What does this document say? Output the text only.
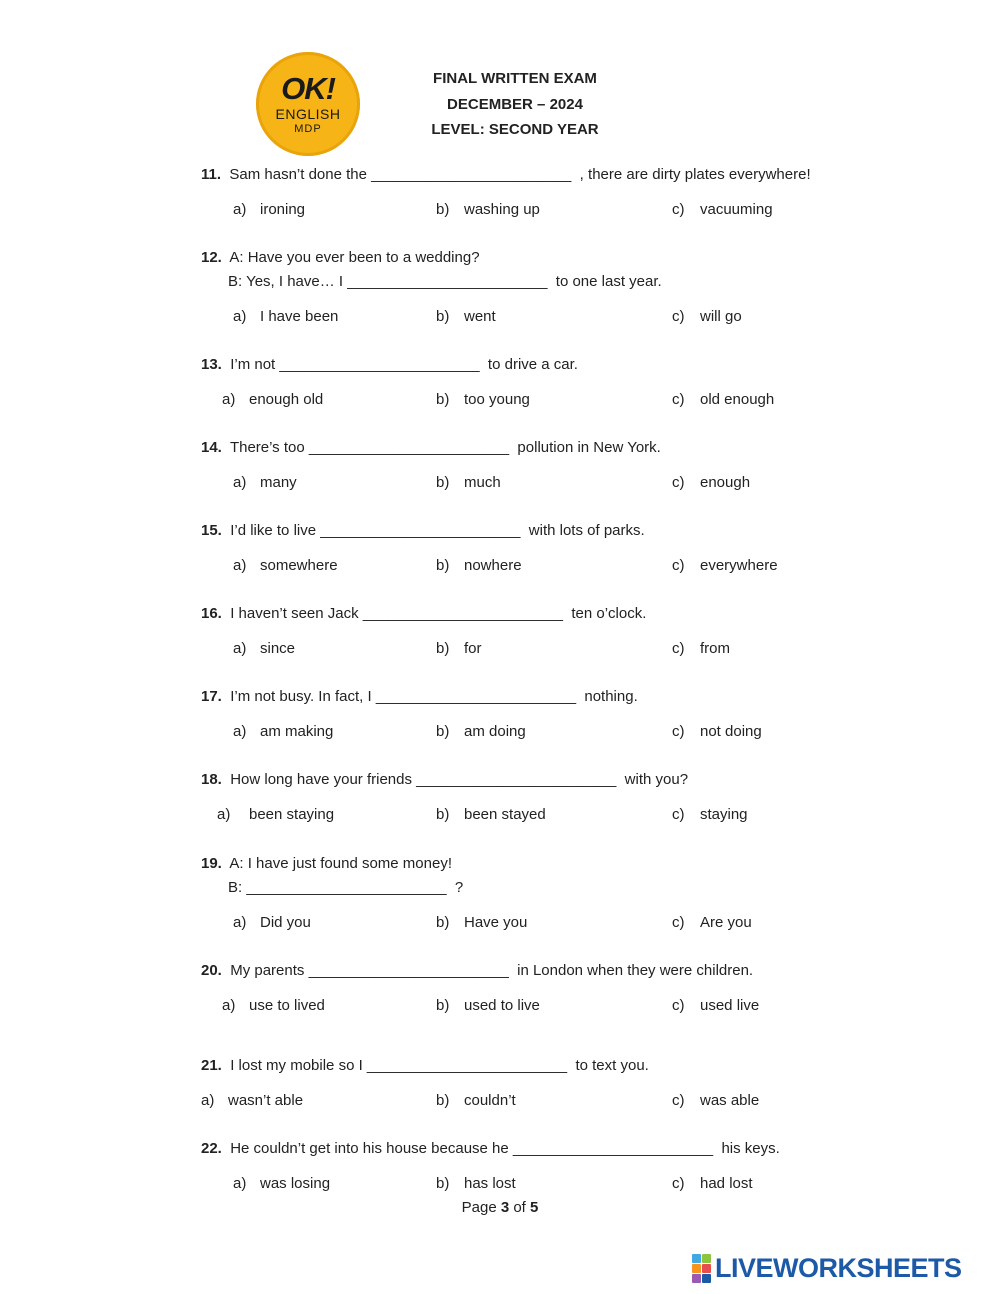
OK!
ENGLISH
MDP
FINAL WRITTEN EXAM
DECEMBER – 2024
LEVEL: SECOND YEAR
11. Sam hasn’t done the ________________________  , there are dirty plates everywhere!
a) ironing	b) washing up	c) vacuuming
12. A: Have you ever been to a wedding?
B: Yes, I have… I ________________________  to one last year.
a) I have been	b) went	c) will go
13. I’m not ________________________  to drive a car.
a) enough old	b) too young	c) old enough
14. There’s too ________________________  pollution in New York.
a) many	b) much	c) enough
15. I’d like to live ________________________  with lots of parks.
a) somewhere	b) nowhere	c) everywhere
16. I haven’t seen Jack ________________________  ten o’clock.
a) since	b) for	c) from
17. I’m not busy. In fact, I ________________________  nothing.
a) am making	b) am doing	c) not doing
18. How long have your friends ________________________  with you?
a) been staying	b) been stayed	c) staying
19. A: I have just found some money!
B: ________________________  ?
a) Did you	b) Have you	c) Are you
20. My parents ________________________  in London when they were children.
a) use to lived	b) used to live	c) used live
21. I lost my mobile so I ________________________  to text you.
a) wasn’t able	b) couldn’t	c) was able
22. He couldn’t get into his house because he ________________________  his keys.
a) was losing	b) has lost	c) had lost
Page 3 of 5
LIVEWORKSHEETS
